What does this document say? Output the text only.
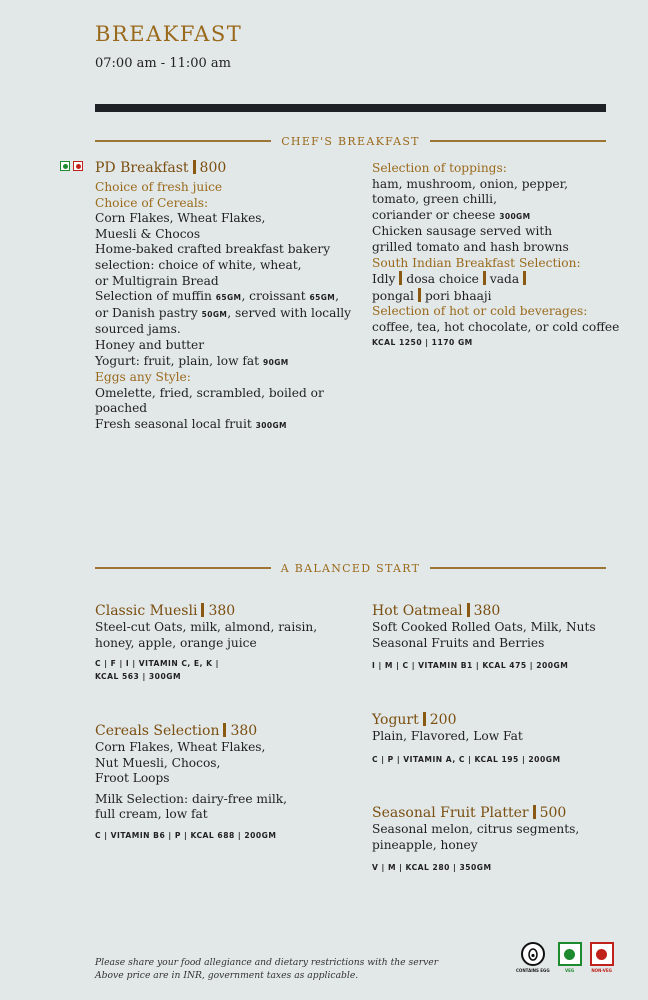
BREAKFAST
07:00 am - 11:00 am
CHEF'S BREAKFAST

PD Breakfast 800

Choice of fresh juice

Choice of Cereals:

Corn Flakes, Wheat Flakes,

Muesli & Chocos

Home-baked crafted breakfast bakery

selection: choice of white, wheat,

or Multigrain Bread

Selection of muffin 65GM, croissant 65GM,

or Danish pastry 50GM, served with locally

sourced jams.

Honey and butter

Yogurt: fruit, plain, low fat 90GM

Eggs any Style:

Omelette, fried, scrambled, boiled or poached

Fresh seasonal local fruit 300GM

Selection of toppings:

ham, mushroom, onion, pepper,

tomato, green chilli,

coriander or cheese 300GM

Chicken sausage served with

grilled tomato and hash browns

South Indian Breakfast Selection:

Idly dosa choice vada

pongal pori bhaaji

Selection of hot or cold beverages:

coffee, tea, hot chocolate, or cold coffee

KCAL 1250 | 1170 GM

A BALANCED START

Classic Muesli 380

Steel-cut Oats, milk, almond, raisin,

honey, apple, orange juice

C | F | I | VITAMIN C, E, K |

KCAL 563 | 300GM

Cereals Selection 380

Corn Flakes, Wheat Flakes,

Nut Muesli, Chocos,

Froot Loops

Milk Selection: dairy-free milk,

full cream, low fat

C | VITAMIN B6 | P | KCAL 688 | 200GM

Hot Oatmeal 380

Soft Cooked Rolled Oats, Milk, Nuts

Seasonal Fruits and Berries

I | M | C | VITAMIN B1 | KCAL 475 | 200GM

Yogurt 200

Plain, Flavored, Low Fat

C | P | VITAMIN A, C | KCAL 195 | 200GM

Seasonal Fruit Platter 500

Seasonal melon, citrus segments,

pineapple, honey

V | M | KCAL 280 | 350GM

Please share your food allegiance and dietary restrictions with the server
Above price are in INR, government taxes as applicable.	CONTAINS EGG	VEG	NON-VEG
